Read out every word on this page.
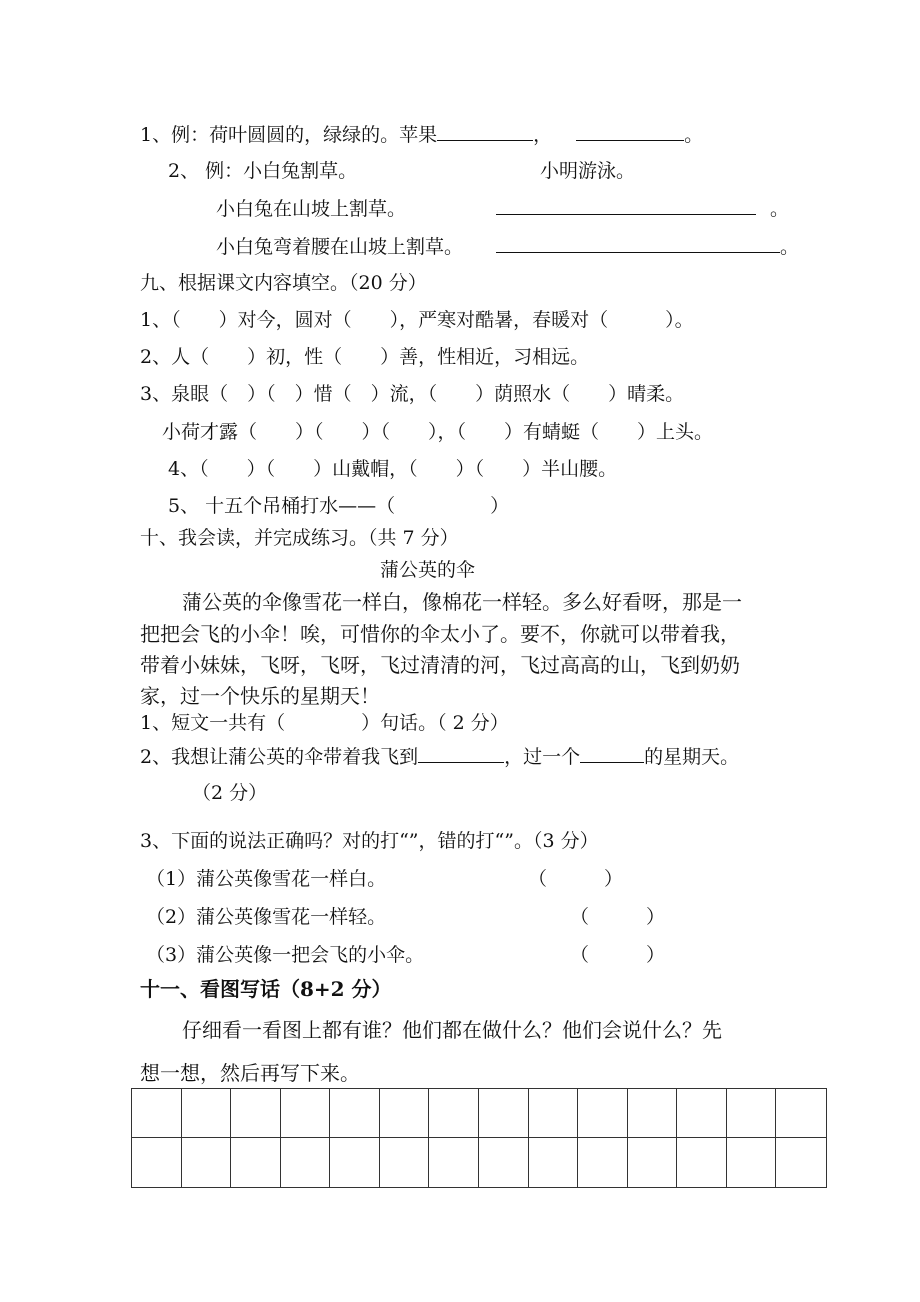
1、例：荷叶圆圆的，绿绿的。苹果	，	。
2、 例：小白兔割草。	小明游泳。
小白兔在山坡上割草。	。
小白兔弯着腰在山坡上割草。	。
九、根据课文内容填空。（20 分）
1、（　　）对今，圆对（　　），严寒对酷暑，春暖对（　　　）。
2、人（　　）初，性（　　）善，性相近，习相远。
3、泉眼（　）（　）惜（　）流，（　　）荫照水（　　）晴柔。
小荷才露（　　）（　　）（　　），（　　）有蜻蜓（　　）上头。
4、（　　）（　　）山戴帽，（　　）（　　）半山腰。
5、 十五个吊桶打水——（　　　　　）
十、我会读，并完成练习。（共 7 分）
蒲公英的伞
蒲公英的伞像雪花一样白，像棉花一样轻。多么好看呀，那是一
把把会飞的小伞！唉，可惜你的伞太小了。要不，你就可以带着我，
带着小妹妹，飞呀，飞呀，飞过清清的河，飞过高高的山，飞到奶奶
家，过一个快乐的星期天！
1、短文一共有（　　　　）句话。（ 2 分）
2、我想让蒲公英的伞带着我飞到	，过一个	的星期天。
（2 分）
3、下面的说法正确吗？对的打“”，错的打“”。（3 分）
（1）蒲公英像雪花一样白。	（　　　）
（2）蒲公英像雪花一样轻。	（　　　）
（3）蒲公英像一把会飞的小伞。	（　　　）
十一、看图写话（8+2 分）
仔细看一看图上都有谁？他们都在做什么？他们会说什么？先
想一想，然后再写下来。
